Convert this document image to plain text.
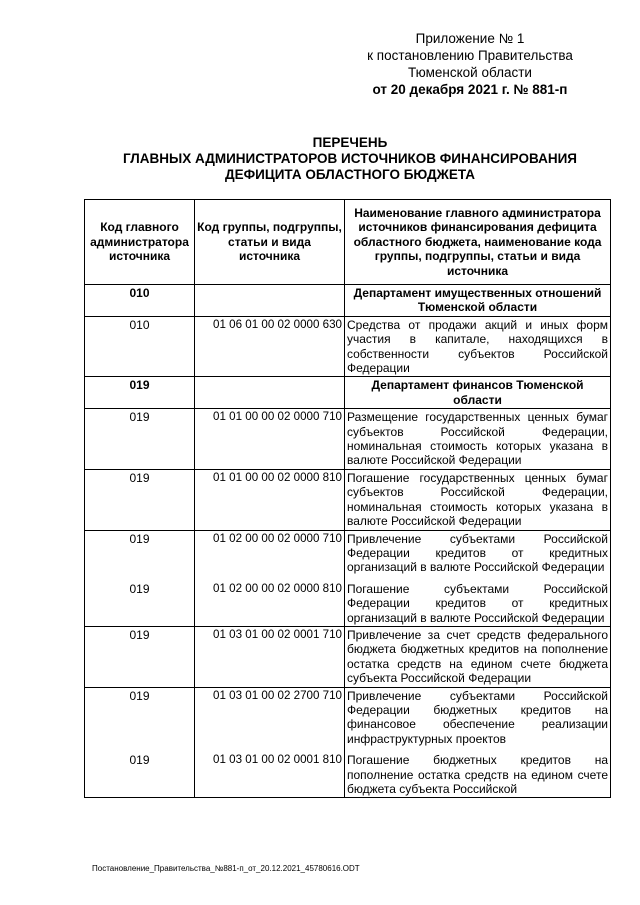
Приложение № 1
к постановлению Правительства
Тюменской области
от 20 декабря 2021 г. № 881-п
ПЕРЕЧЕНЬ
ГЛАВНЫХ АДМИНИСТРАТОРОВ ИСТОЧНИКОВ ФИНАНСИРОВАНИЯ
ДЕФИЦИТА ОБЛАСТНОГО БЮДЖЕТА
Код главного администратора источника	Код группы, подгруппы, статьи и вида источника	Наименование главного администратора источников финансирования дефицита областного бюджета, наименование кода группы, подгруппы, статьи и вида источника
010		Департамент имущественных отношений Тюменской области
010	01 06 01 00 02 0000 630	Средства от продажи акций и иных форм участия в капитале, находящихся в собственности субъектов Российской Федерации
019		Департамент финансов Тюменской области
019	01 01 00 00 02 0000 710	Размещение государственных ценных бумаг субъектов Российской Федерации, номинальная стоимость которых указана в валюте Российской Федерации
019	01 01 00 00 02 0000 810	Погашение государственных ценных бумаг субъектов Российской Федерации, номинальная стоимость которых указана в валюте Российской Федерации
019	01 02 00 00 02 0000 710	Привлечение субъектами Российской Федерации кредитов от кредитных организаций в валюте Российской Федерации
019	01 02 00 00 02 0000 810	Погашение субъектами Российской Федерации кредитов от кредитных организаций в валюте Российской Федерации
019	01 03 01 00 02 0001 710	Привлечение за счет средств федерального бюджета бюджетных кредитов на пополнение остатка средств на едином счете бюджета субъекта Российской Федерации
019	01 03 01 00 02 2700 710	Привлечение субъектами Российской Федерации бюджетных кредитов на финансовое обеспечение реализации инфраструктурных проектов
019	01 03 01 00 02 0001 810	Погашение бюджетных кредитов на пополнение остатка средств на едином счете бюджета субъекта Российской
Постановление_Правительства_№881-п_от_20.12.2021_45780616.ODT
